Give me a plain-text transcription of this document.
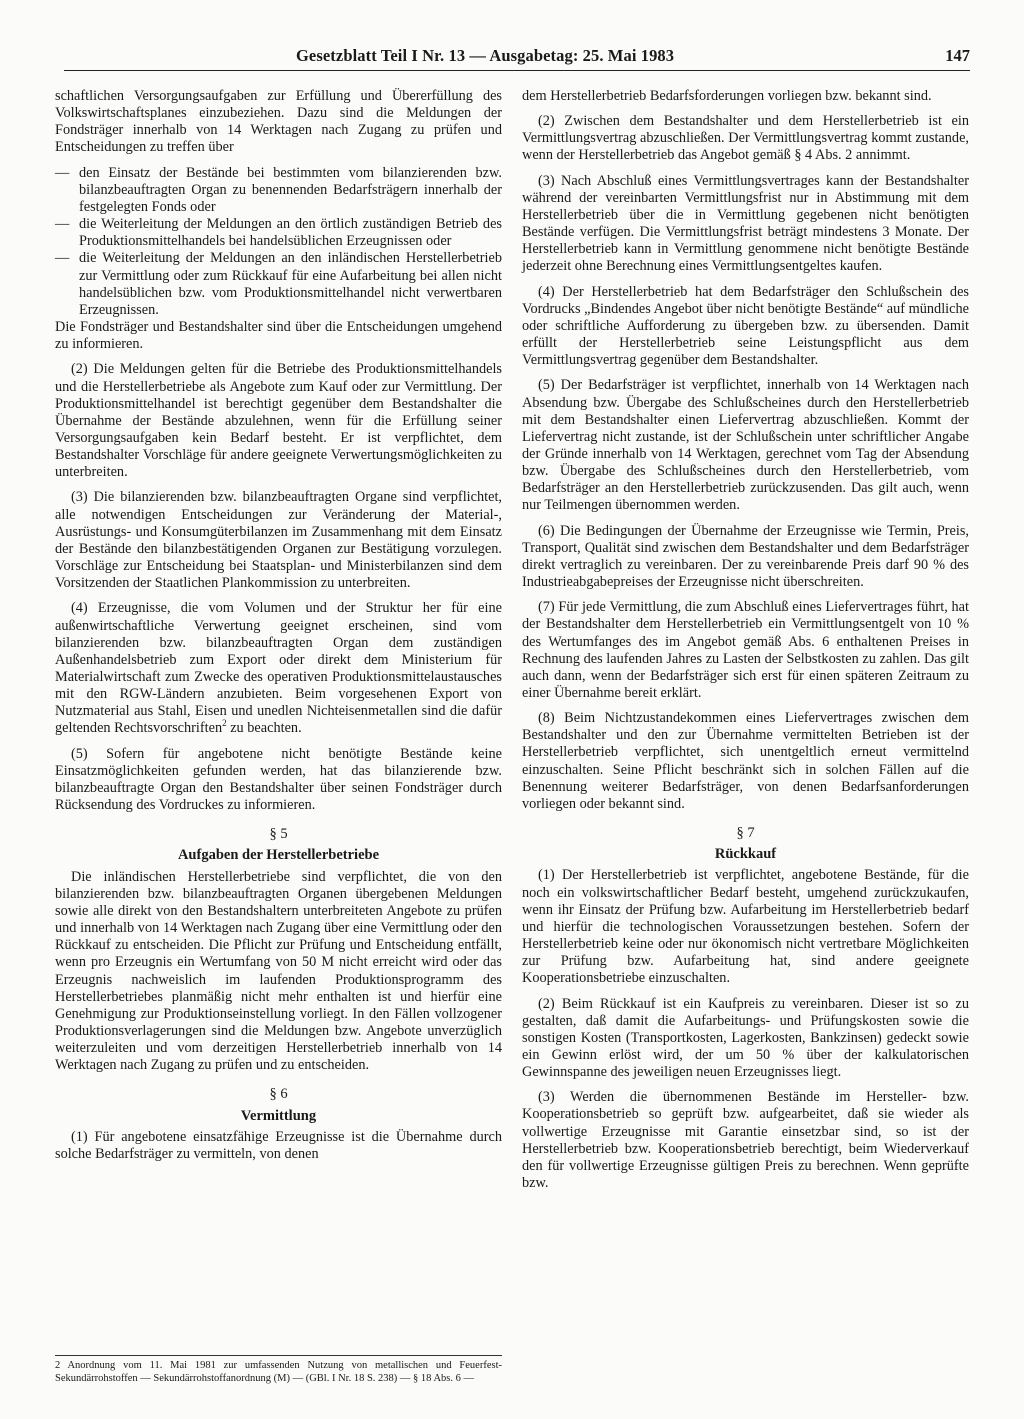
Gesetzblatt Teil I Nr. 13 — Ausgabetag: 25. Mai 1983	147

schaftlichen Versorgungsaufgaben zur Erfüllung und Übererfüllung des Volkswirtschaftsplanes einzubeziehen. Dazu sind die Meldungen der Fondsträger innerhalb von 14 Werktagen nach Zugang zu prüfen und Entscheidungen zu treffen über

— den Einsatz der Bestände bei bestimmten vom bilanzierenden bzw. bilanzbeauftragten Organ zu benennenden Bedarfsträgern innerhalb der festgelegten Fonds oder
— die Weiterleitung der Meldungen an den örtlich zuständigen Betrieb des Produktionsmittelhandels bei handelsüblichen Erzeugnissen oder
— die Weiterleitung der Meldungen an den inländischen Herstellerbetrieb zur Vermittlung oder zum Rückkauf für eine Aufarbeitung bei allen nicht handelsüblichen bzw. vom Produktionsmittelhandel nicht verwertbaren Erzeugnissen.

Die Fondsträger und Bestandshalter sind über die Entscheidungen umgehend zu informieren.

(2) Die Meldungen gelten für die Betriebe des Produktionsmittelhandels und die Herstellerbetriebe als Angebote zum Kauf oder zur Vermittlung. Der Produktionsmittelhandel ist berechtigt gegenüber dem Bestandshalter die Übernahme der Bestände abzulehnen, wenn für die Erfüllung seiner Versorgungsaufgaben kein Bedarf besteht. Er ist verpflichtet, dem Bestandshalter Vorschläge für andere geeignete Verwertungsmöglichkeiten zu unterbreiten.

(3) Die bilanzierenden bzw. bilanzbeauftragten Organe sind verpflichtet, alle notwendigen Entscheidungen zur Veränderung der Material-, Ausrüstungs- und Konsumgüterbilanzen im Zusammenhang mit dem Einsatz der Bestände den bilanzbestätigenden Organen zur Bestätigung vorzulegen. Vorschläge zur Entscheidung bei Staatsplan- und Ministerbilanzen sind dem Vorsitzenden der Staatlichen Plankommission zu unterbreiten.

(4) Erzeugnisse, die vom Volumen und der Struktur her für eine außenwirtschaftliche Verwertung geeignet erscheinen, sind vom bilanzierenden bzw. bilanzbeauftragten Organ dem zuständigen Außenhandelsbetrieb zum Export oder direkt dem Ministerium für Materialwirtschaft zum Zwecke des operativen Produktionsmittelaustausches mit den RGW-Ländern anzubieten. Beim vorgesehenen Export von Nutzmaterial aus Stahl, Eisen und unedlen Nichteisenmetallen sind die dafür geltenden Rechtsvorschriften$^2$ zu beachten.

(5) Sofern für angebotene nicht benötigte Bestände keine Einsatzmöglichkeiten gefunden werden, hat das bilanzierende bzw. bilanzbeauftragte Organ den Bestandshalter über seinen Fondsträger durch Rücksendung des Vordruckes zu informieren.

§ 5
Aufgaben der Herstellerbetriebe

Die inländischen Herstellerbetriebe sind verpflichtet, die von den bilanzierenden bzw. bilanzbeauftragten Organen übergebenen Meldungen sowie alle direkt von den Bestandshaltern unterbreiteten Angebote zu prüfen und innerhalb von 14 Werktagen nach Zugang über eine Vermittlung oder den Rückkauf zu entscheiden. Die Pflicht zur Prüfung und Entscheidung entfällt, wenn pro Erzeugnis ein Wertumfang von 50 M nicht erreicht wird oder das Erzeugnis nachweislich im laufenden Produktionsprogramm des Herstellerbetriebes planmäßig nicht mehr enthalten ist und hierfür eine Genehmigung zur Produktionseinstellung vorliegt. In den Fällen vollzogener Produktionsverlagerungen sind die Meldungen bzw. Angebote unverzüglich weiterzuleiten und vom derzeitigen Herstellerbetrieb innerhalb von 14 Werktagen nach Zugang zu prüfen und zu entscheiden.

§ 6
Vermittlung

(1) Für angebotene einsatzfähige Erzeugnisse ist die Übernahme durch solche Bedarfsträger zu vermitteln, von denen

2 Anordnung vom 11. Mai 1981 zur umfassenden Nutzung von metallischen und Feuerfest-Sekundärrohstoffen — Sekundärrohstoffanordnung (M) — (GBl. I Nr. 18 S. 238) — § 18 Abs. 6 —

dem Herstellerbetrieb Bedarfsforderungen vorliegen bzw. bekannt sind.

(2) Zwischen dem Bestandshalter und dem Herstellerbetrieb ist ein Vermittlungsvertrag abzuschließen. Der Vermittlungsvertrag kommt zustande, wenn der Herstellerbetrieb das Angebot gemäß § 4 Abs. 2 annimmt.

(3) Nach Abschluß eines Vermittlungsvertrages kann der Bestandshalter während der vereinbarten Vermittlungsfrist nur in Abstimmung mit dem Herstellerbetrieb über die in Vermittlung gegebenen nicht benötigten Bestände verfügen. Die Vermittlungsfrist beträgt mindestens 3 Monate. Der Herstellerbetrieb kann in Vermittlung genommene nicht benötigte Bestände jederzeit ohne Berechnung eines Vermittlungsentgeltes kaufen.

(4) Der Herstellerbetrieb hat dem Bedarfsträger den Schlußschein des Vordrucks „Bindendes Angebot über nicht benötigte Bestände“ auf mündliche oder schriftliche Aufforderung zu übergeben bzw. zu übersenden. Damit erfüllt der Herstellerbetrieb seine Leistungspflicht aus dem Vermittlungsvertrag gegenüber dem Bestandshalter.

(5) Der Bedarfsträger ist verpflichtet, innerhalb von 14 Werktagen nach Absendung bzw. Übergabe des Schlußscheines durch den Herstellerbetrieb mit dem Bestandshalter einen Liefervertrag abzuschließen. Kommt der Liefervertrag nicht zustande, ist der Schlußschein unter schriftlicher Angabe der Gründe innerhalb von 14 Werktagen, gerechnet vom Tag der Absendung bzw. Übergabe des Schlußscheines durch den Herstellerbetrieb, vom Bedarfsträger an den Herstellerbetrieb zurückzusenden. Das gilt auch, wenn nur Teilmengen übernommen werden.

(6) Die Bedingungen der Übernahme der Erzeugnisse wie Termin, Preis, Transport, Qualität sind zwischen dem Bestandshalter und dem Bedarfsträger direkt vertraglich zu vereinbaren. Der zu vereinbarende Preis darf 90 % des Industrieabgabepreises der Erzeugnisse nicht überschreiten.

(7) Für jede Vermittlung, die zum Abschluß eines Liefervertrages führt, hat der Bestandshalter dem Herstellerbetrieb ein Vermittlungsentgelt von 10 % des Wertumfanges des im Angebot gemäß Abs. 6 enthaltenen Preises in Rechnung des laufenden Jahres zu Lasten der Selbstkosten zu zahlen. Das gilt auch dann, wenn der Bedarfsträger sich erst für einen späteren Zeitraum zu einer Übernahme bereit erklärt.

(8) Beim Nichtzustandekommen eines Liefervertrages zwischen dem Bestandshalter und den zur Übernahme vermittelten Betrieben ist der Herstellerbetrieb verpflichtet, sich unentgeltlich erneut vermittelnd einzuschalten. Seine Pflicht beschränkt sich in solchen Fällen auf die Benennung weiterer Bedarfsträger, von denen Bedarfsanforderungen vorliegen oder bekannt sind.

§ 7
Rückkauf

(1) Der Herstellerbetrieb ist verpflichtet, angebotene Bestände, für die noch ein volkswirtschaftlicher Bedarf besteht, umgehend zurückzukaufen, wenn ihr Einsatz der Prüfung bzw. Aufarbeitung im Herstellerbetrieb bedarf und hierfür die technologischen Voraussetzungen bestehen. Sofern der Herstellerbetrieb keine oder nur ökonomisch nicht vertretbare Möglichkeiten zur Prüfung bzw. Aufarbeitung hat, sind andere geeignete Kooperationsbetriebe einzuschalten.

(2) Beim Rückkauf ist ein Kaufpreis zu vereinbaren. Dieser ist so zu gestalten, daß damit die Aufarbeitungs- und Prüfungskosten sowie die sonstigen Kosten (Transportkosten, Lagerkosten, Bankzinsen) gedeckt sowie ein Gewinn erlöst wird, der um 50 % über der kalkulatorischen Gewinnspanne des jeweiligen neuen Erzeugnisses liegt.

(3) Werden die übernommenen Bestände im Hersteller- bzw. Kooperationsbetrieb so geprüft bzw. aufgearbeitet, daß sie wieder als vollwertige Erzeugnisse mit Garantie einsetzbar sind, so ist der Herstellerbetrieb bzw. Kooperationsbetrieb berechtigt, beim Wiederverkauf den für vollwertige Erzeugnisse gültigen Preis zu berechnen. Wenn geprüfte bzw.
